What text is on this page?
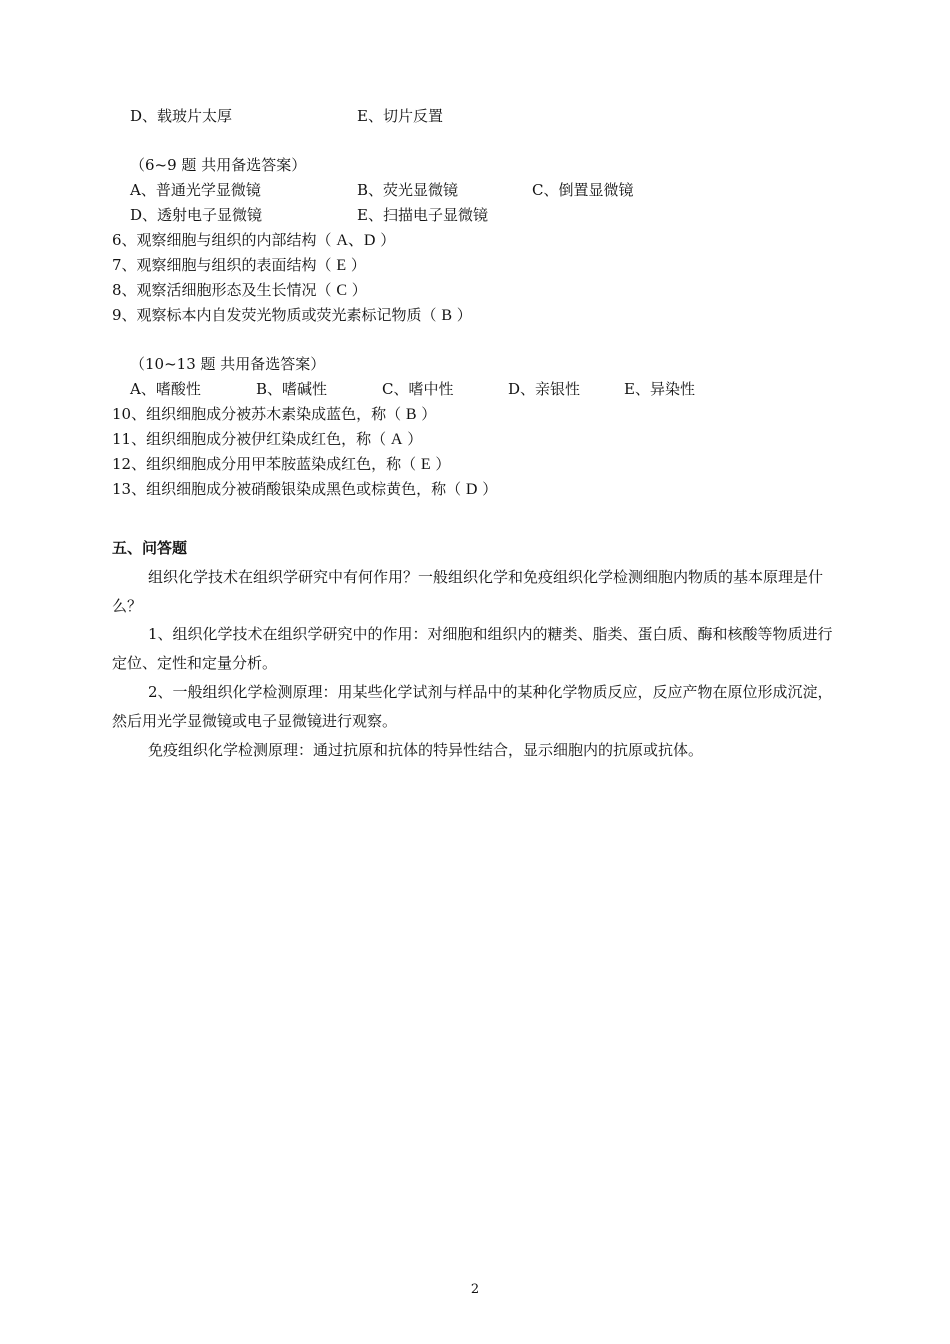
D、载玻片太厚	E、切片反置
（6~9 题 共用备选答案）
A、普通光学显微镜	B、荧光显微镜	C、倒置显微镜
D、透射电子显微镜	E、扫描电子显微镜
6、观察细胞与组织的内部结构（ A、D ）
7、观察细胞与组织的表面结构（ E ）
8、观察活细胞形态及生长情况（ C ）
9、观察标本内自发荧光物质或荧光素标记物质（ B ）
（10~13 题 共用备选答案）
A、嗜酸性	B、嗜碱性	C、嗜中性	D、亲银性	E、异染性
10、组织细胞成分被苏木素染成蓝色，称（ B ）
11、组织细胞成分被伊红染成红色，称（ A ）
12、组织细胞成分用甲苯胺蓝染成红色，称（ E ）
13、组织细胞成分被硝酸银染成黑色或棕黄色，称（ D ）
五、问答题
组织化学技术在组织学研究中有何作用？一般组织化学和免疫组织化学检测细胞内物质的基本原理是什么？
1、组织化学技术在组织学研究中的作用：对细胞和组织内的糖类、脂类、蛋白质、酶和核酸等物质进行定位、定性和定量分析。
2、一般组织化学检测原理：用某些化学试剂与样品中的某种化学物质反应，反应产物在原位形成沉淀，然后用光学显微镜或电子显微镜进行观察。
免疫组织化学检测原理：通过抗原和抗体的特异性结合，显示细胞内的抗原或抗体。
2
